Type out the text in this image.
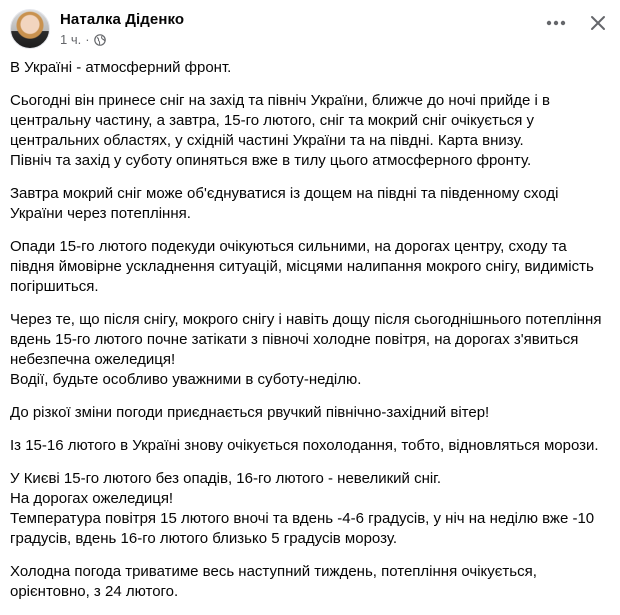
Наталка Діденко
1 ч. ·

В Україні - атмосферний фронт.

Сьогодні він принесе сніг на захід та північ України, ближче до ночі прийде і в центральну частину, а завтра, 15-го лютого, сніг та мокрий сніг очікується у центральних областях, у східній частині України та на півдні. Карта внизу.
Північ та захід у суботу опиняться вже в тилу цього атмосферного фронту.

Завтра мокрий сніг може об'єднуватися із дощем на півдні та південному сході України через потепління.

Опади 15-го лютого подекуди очікуються сильними, на дорогах центру, сходу та півдня ймовірне ускладнення ситуацій, місцями налипання мокрого снігу, видимість погіршиться.

Через те, що після снігу, мокрого снігу і навіть дощу після сьогоднішнього потепління вдень 15-го лютого почне затікати з півночі холодне повітря, на дорогах з'явиться небезпечна ожеледиця!
Водії, будьте особливо уважними в суботу-неділю.

До різкої зміни погоди приєднається рвучкий північно-західний вітер!

Із 15-16 лютого в Україні знову очікується похолодання, тобто, відновляться морози.

У Києві 15-го лютого без опадів, 16-го лютого - невеликий сніг.
На дорогах ожеледиця!
Температура повітря 15 лютого вночі та вдень -4-6 градусів, у ніч на неділю вже -10 градусів, вдень 16-го лютого близько 5 градусів морозу.

Холодна погода триватиме весь наступний тиждень, потепління очікується, орієнтовно, з 24 лютого.
